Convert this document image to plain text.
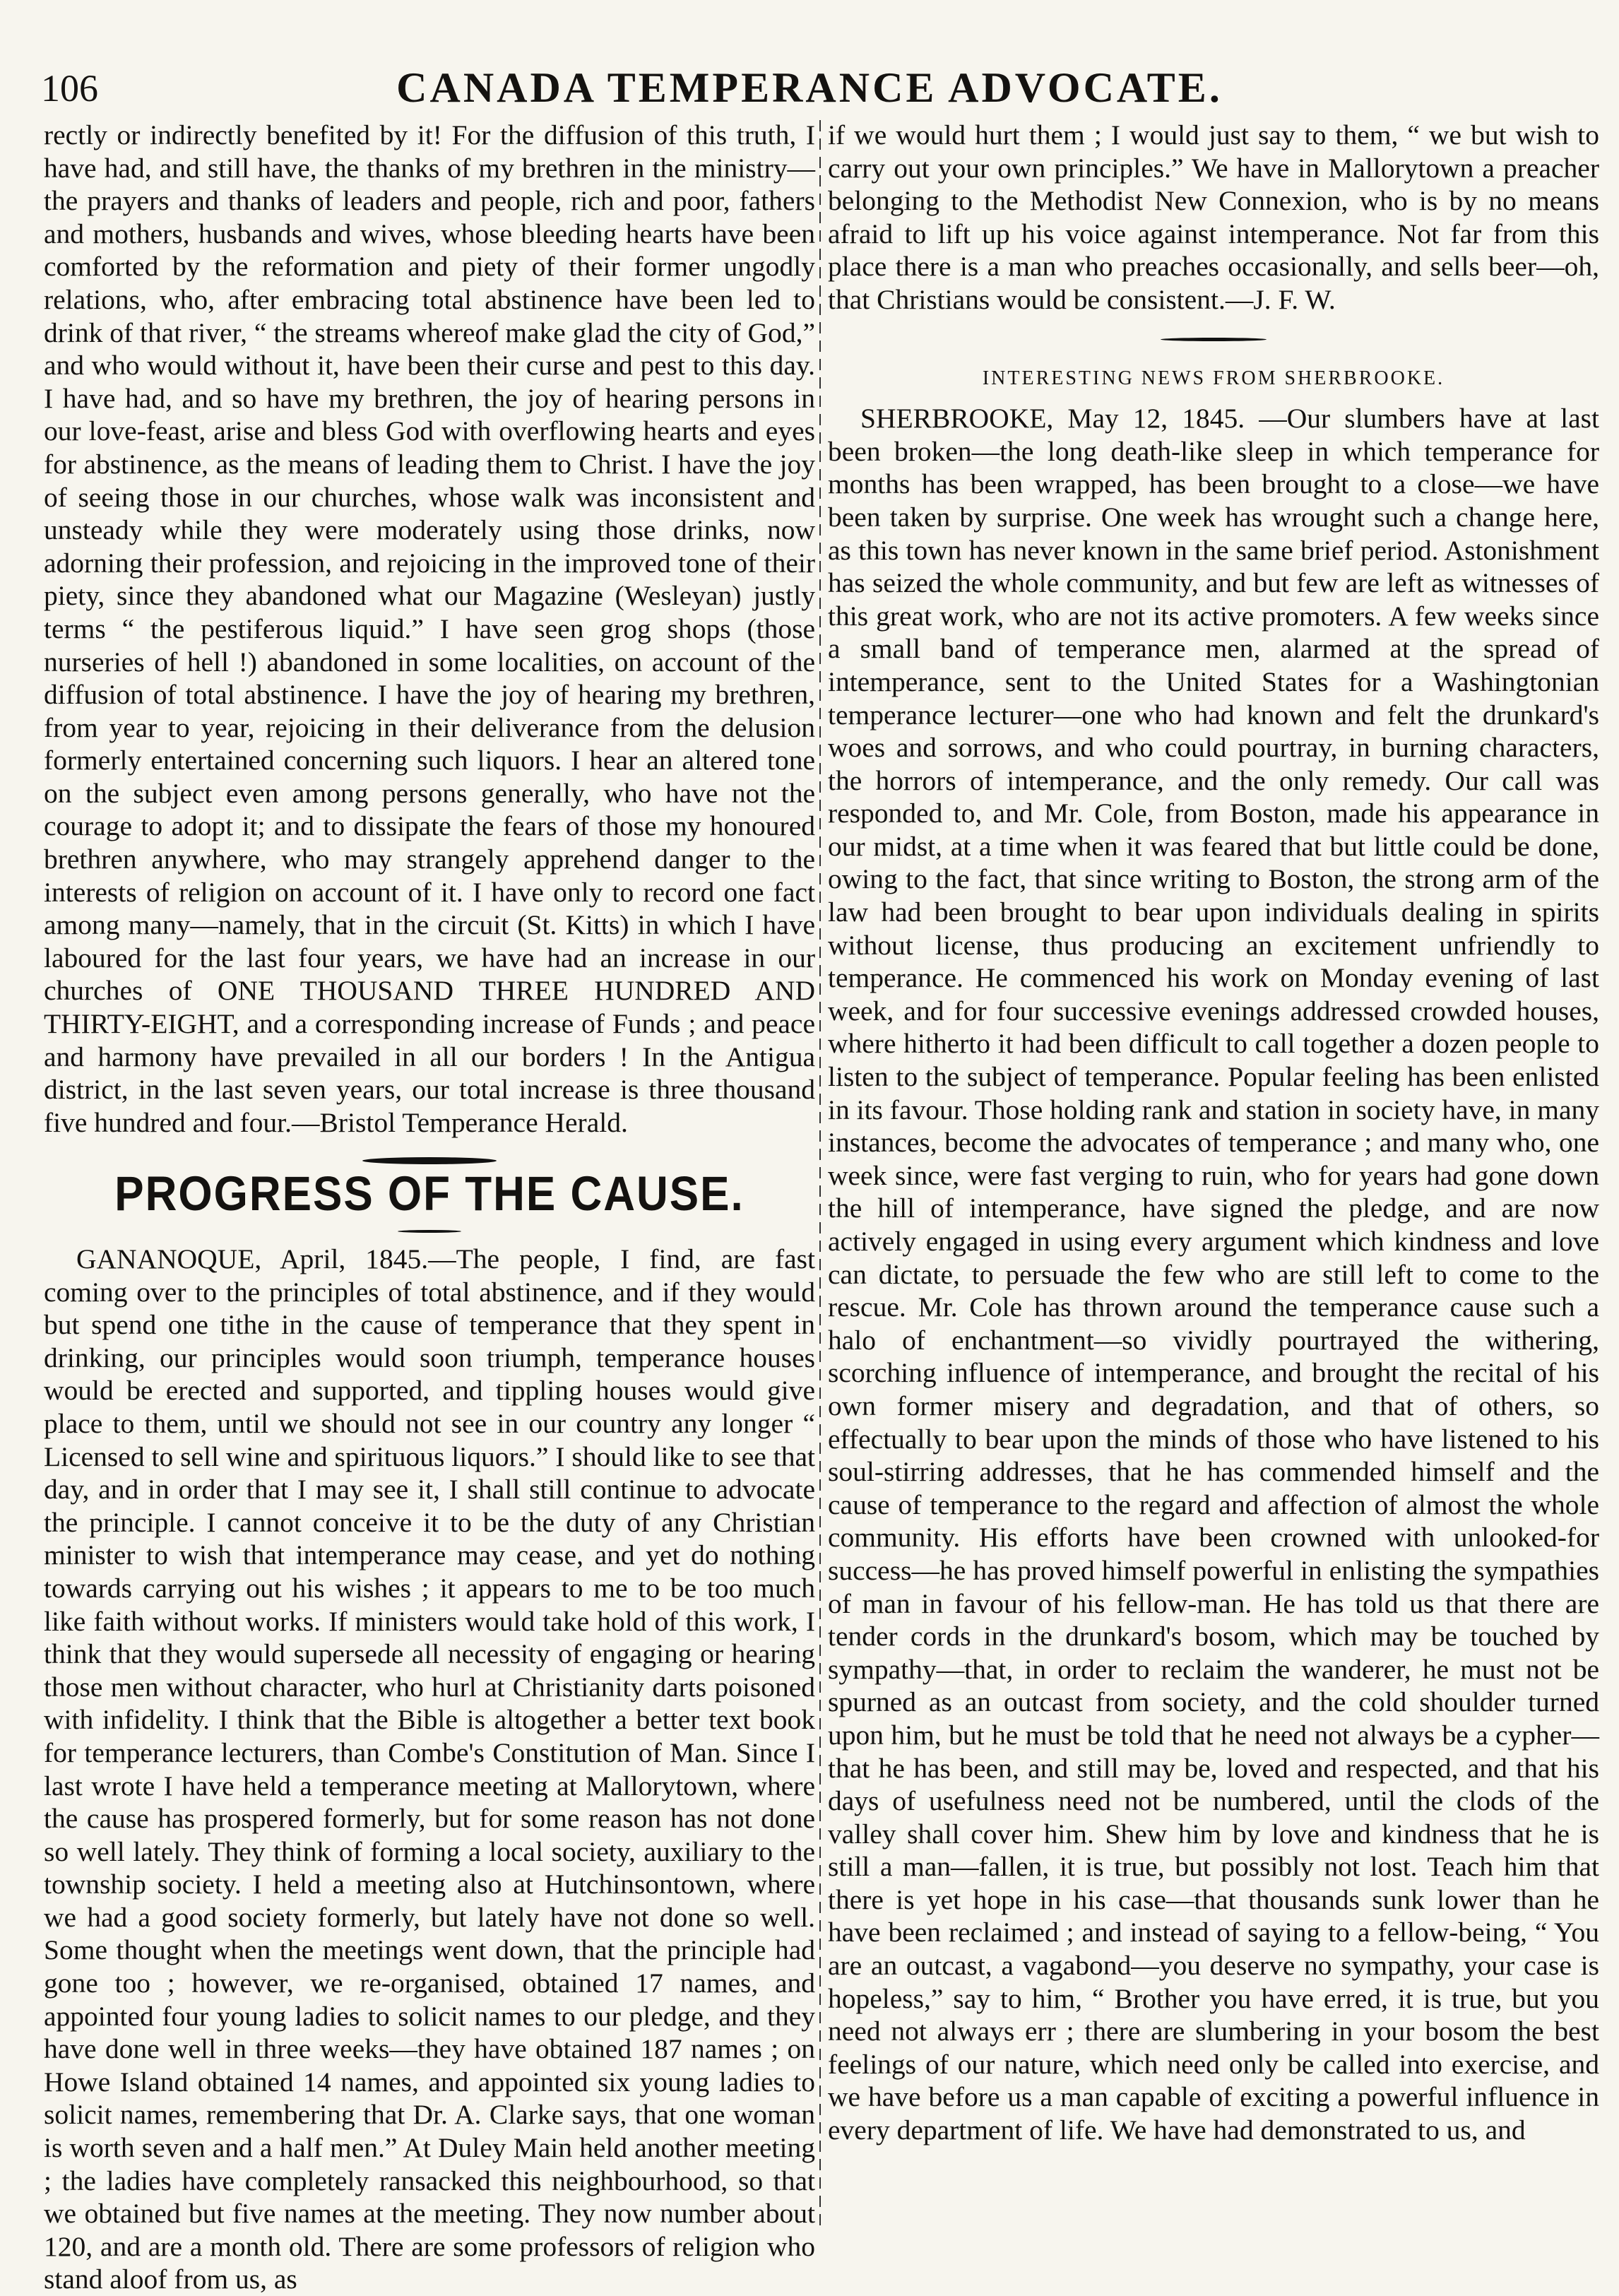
106	CANADA TEMPERANCE ADVOCATE.

rectly or indirectly benefited by it! For the diffusion of this truth, I have had, and still have, the thanks of my brethren in the ministry—the prayers and thanks of leaders and people, rich and poor, fathers and mothers, husbands and wives, whose bleeding hearts have been comforted by the reformation and piety of their former ungodly relations, who, after embracing total abstinence have been led to drink of that river, “ the streams whereof make glad the city of God,” and who would without it, have been their curse and pest to this day. I have had, and so have my brethren, the joy of hearing persons in our love-feast, arise and bless God with overflowing hearts and eyes for abstinence, as the means of leading them to Christ. I have the joy of seeing those in our churches, whose walk was inconsistent and unsteady while they were moderately using those drinks, now adorning their profession, and rejoicing in the improved tone of their piety, since they abandoned what our Magazine (Wesleyan) justly terms “ the pestiferous liquid.” I have seen grog shops (those nurseries of hell !) abandoned in some localities, on account of the diffusion of total abstinence. I have the joy of hearing my brethren, from year to year, rejoicing in their deliverance from the delusion formerly entertained concerning such liquors. I hear an altered tone on the subject even among persons generally, who have not the courage to adopt it; and to dissipate the fears of those my honoured brethren anywhere, who may strangely apprehend danger to the interests of religion on account of it. I have only to record one fact among many—namely, that in the circuit (St. Kitts) in which I have laboured for the last four years, we have had an increase in our churches of ONE THOUSAND THREE HUNDRED AND THIRTY-EIGHT, and a corresponding increase of Funds ; and peace and harmony have prevailed in all our borders ! In the Antigua district, in the last seven years, our total increase is three thousand five hundred and four.—Bristol Temperance Herald.

PROGRESS OF THE CAUSE.

GANANOQUE, April, 1845.—The people, I find, are fast coming over to the principles of total abstinence, and if they would but spend one tithe in the cause of temperance that they spent in drinking, our principles would soon triumph, temperance houses would be erected and supported, and tippling houses would give place to them, until we should not see in our country any longer “ Licensed to sell wine and spirituous liquors.” I should like to see that day, and in order that I may see it, I shall still continue to advocate the principle. I cannot conceive it to be the duty of any Christian minister to wish that intemperance may cease, and yet do nothing towards carrying out his wishes ; it appears to me to be too much like faith without works. If ministers would take hold of this work, I think that they would supersede all necessity of engaging or hearing those men without character, who hurl at Christianity darts poisoned with infidelity. I think that the Bible is altogether a better text book for temperance lecturers, than Combe's Constitution of Man. Since I last wrote I have held a temperance meeting at Mallorytown, where the cause has prospered formerly, but for some reason has not done so well lately. They think of forming a local society, auxiliary to the township society. I held a meeting also at Hutchinsontown, where we had a good society formerly, but lately have not done so well. Some thought when the meetings went down, that the principle had gone too ; however, we re-organised, obtained 17 names, and appointed four young ladies to solicit names to our pledge, and they have done well in three weeks—they have obtained 187 names ; on Howe Island obtained 14 names, and appointed six young ladies to solicit names, remembering that Dr. A. Clarke says, that one woman is worth seven and a half men.” At Duley Main held another meeting ; the ladies have completely ransacked this neighbourhood, so that we obtained but five names at the meeting. They now number about 120, and are a month old. There are some professors of religion who stand aloof from us, as

if we would hurt them ; I would just say to them, “ we but wish to carry out your own principles.” We have in Mallorytown a preacher belonging to the Methodist New Connexion, who is by no means afraid to lift up his voice against intemperance. Not far from this place there is a man who preaches occasionally, and sells beer—oh, that Christians would be consistent.—J. F. W.

INTERESTING NEWS FROM SHERBROOKE.

SHERBROOKE, May 12, 1845. —Our slumbers have at last been broken—the long death-like sleep in which temperance for months has been wrapped, has been brought to a close—we have been taken by surprise. One week has wrought such a change here, as this town has never known in the same brief period. Astonishment has seized the whole community, and but few are left as witnesses of this great work, who are not its active promoters. A few weeks since a small band of temperance men, alarmed at the spread of intemperance, sent to the United States for a Washingtonian temperance lecturer—one who had known and felt the drunkard's woes and sorrows, and who could pourtray, in burning characters, the horrors of intemperance, and the only remedy. Our call was responded to, and Mr. Cole, from Boston, made his appearance in our midst, at a time when it was feared that but little could be done, owing to the fact, that since writing to Boston, the strong arm of the law had been brought to bear upon individuals dealing in spirits without license, thus producing an excitement unfriendly to temperance. He commenced his work on Monday evening of last week, and for four successive evenings addressed crowded houses, where hitherto it had been difficult to call together a dozen people to listen to the subject of temperance. Popular feeling has been enlisted in its favour. Those holding rank and station in society have, in many instances, become the advocates of temperance ; and many who, one week since, were fast verging to ruin, who for years had gone down the hill of intemperance, have signed the pledge, and are now actively engaged in using every argument which kindness and love can dictate, to persuade the few who are still left to come to the rescue. Mr. Cole has thrown around the temperance cause such a halo of enchantment—so vividly pourtrayed the withering, scorching influence of intemperance, and brought the recital of his own former misery and degradation, and that of others, so effectually to bear upon the minds of those who have listened to his soul-stirring addresses, that he has commended himself and the cause of temperance to the regard and affection of almost the whole community. His efforts have been crowned with unlooked-for success—he has proved himself powerful in enlisting the sympathies of man in favour of his fellow-man. He has told us that there are tender cords in the drunkard's bosom, which may be touched by sympathy—that, in order to reclaim the wanderer, he must not be spurned as an outcast from society, and the cold shoulder turned upon him, but he must be told that he need not always be a cypher—that he has been, and still may be, loved and respected, and that his days of usefulness need not be numbered, until the clods of the valley shall cover him. Shew him by love and kindness that he is still a man—fallen, it is true, but possibly not lost. Teach him that there is yet hope in his case—that thousands sunk lower than he have been reclaimed ; and instead of saying to a fellow-being, “ You are an outcast, a vagabond—you deserve no sympathy, your case is hopeless,” say to him, “ Brother you have erred, it is true, but you need not always err ; there are slumbering in your bosom the best feelings of our nature, which need only be called into exercise, and we have before us a man capable of exciting a powerful influence in every department of life. We have had demonstrated to us, and
